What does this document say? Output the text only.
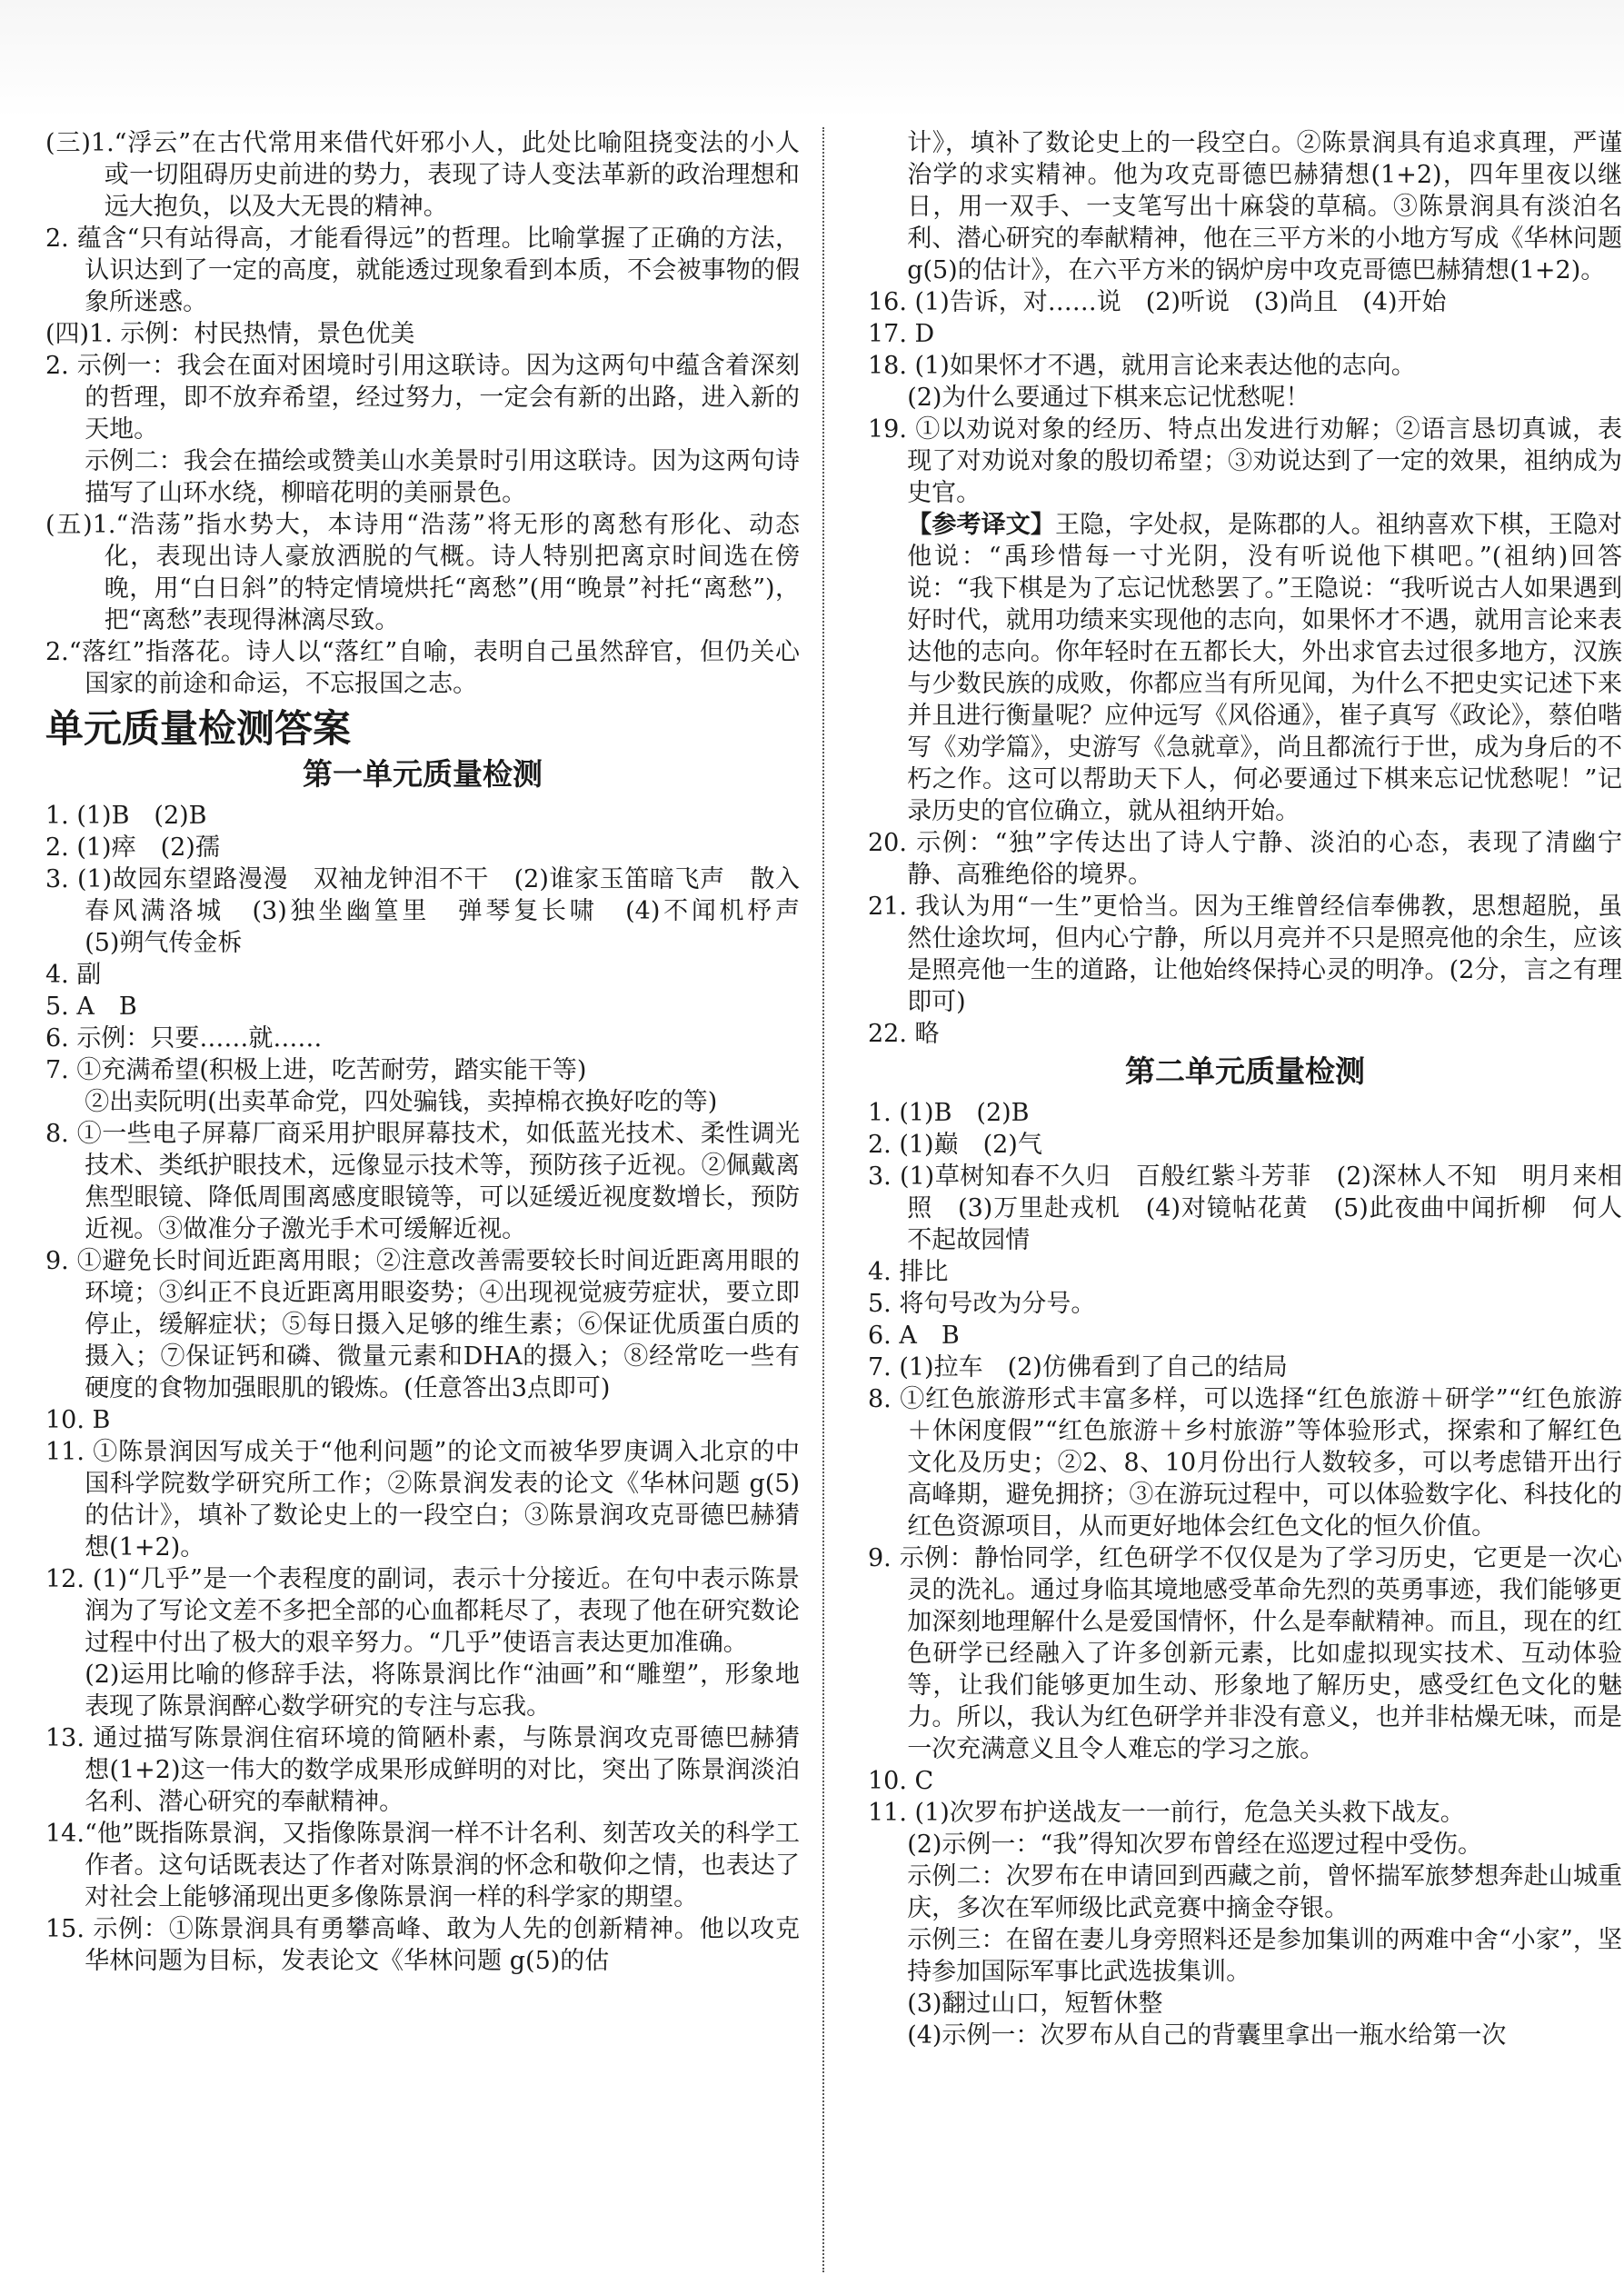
(三)1.“浮云”在古代常用来借代奸邪小人，此处比喻阻挠变法的小人或一切阻碍历史前进的势力，表现了诗人变法革新的政治理想和远大抱负，以及大无畏的精神。

2. 蕴含“只有站得高，才能看得远”的哲理。比喻掌握了正确的方法，认识达到了一定的高度，就能透过现象看到本质，不会被事物的假象所迷惑。

(四)1. 示例：村民热情，景色优美

2. 示例一：我会在面对困境时引用这联诗。因为这两句中蕴含着深刻的哲理，即不放弃希望，经过努力，一定会有新的出路，进入新的天地。

示例二：我会在描绘或赞美山水美景时引用这联诗。因为这两句诗描写了山环水绕，柳暗花明的美丽景色。

(五)1.“浩荡”指水势大，本诗用“浩荡”将无形的离愁有形化、动态化，表现出诗人豪放洒脱的气概。诗人特别把离京时间选在傍晚，用“白日斜”的特定情境烘托“离愁”(用“晚景”衬托“离愁”)，把“离愁”表现得淋漓尽致。

2.“落红”指落花。诗人以“落红”自喻，表明自己虽然辞官，但仍关心国家的前途和命运，不忘报国之志。

单元质量检测答案
第一单元质量检测

1. (1)B　(2)B

2. (1)瘁　(2)孺

3. (1)故园东望路漫漫　双袖龙钟泪不干　(2)谁家玉笛暗飞声　散入春风满洛城　(3)独坐幽篁里　弹琴复长啸　(4)不闻机杼声　　(5)朔气传金柝

4. 副

5. A　B

6. 示例：只要……就……

7. ①充满希望(积极上进，吃苦耐劳，踏实能干等)

②出卖阮明(出卖革命党，四处骗钱，卖掉棉衣换好吃的等)

8. ①一些电子屏幕厂商采用护眼屏幕技术，如低蓝光技术、柔性调光技术、类纸护眼技术，远像显示技术等，预防孩子近视。②佩戴离焦型眼镜、降低周围离感度眼镜等，可以延缓近视度数增长，预防近视。③做准分子激光手术可缓解近视。

9. ①避免长时间近距离用眼；②注意改善需要较长时间近距离用眼的环境；③纠正不良近距离用眼姿势；④出现视觉疲劳症状，要立即停止，缓解症状；⑤每日摄入足够的维生素；⑥保证优质蛋白质的摄入；⑦保证钙和磷、微量元素和DHA的摄入；⑧经常吃一些有硬度的食物加强眼肌的锻炼。(任意答出3点即可)

10. B

11. ①陈景润因写成关于“他利问题”的论文而被华罗庚调入北京的中国科学院数学研究所工作；②陈景润发表的论文《华林问题 g(5)的估计》，填补了数论史上的一段空白；③陈景润攻克哥德巴赫猜想(1+2)。

12. (1)“几乎”是一个表程度的副词，表示十分接近。在句中表示陈景润为了写论文差不多把全部的心血都耗尽了，表现了他在研究数论过程中付出了极大的艰辛努力。“几乎”使语言表达更加准确。

(2)运用比喻的修辞手法，将陈景润比作“油画”和“雕塑”，形象地表现了陈景润醉心数学研究的专注与忘我。

13. 通过描写陈景润住宿环境的简陋朴素，与陈景润攻克哥德巴赫猜想(1+2)这一伟大的数学成果形成鲜明的对比，突出了陈景润淡泊名利、潜心研究的奉献精神。

14.“他”既指陈景润，又指像陈景润一样不计名利、刻苦攻关的科学工作者。这句话既表达了作者对陈景润的怀念和敬仰之情，也表达了对社会上能够涌现出更多像陈景润一样的科学家的期望。

15. 示例：①陈景润具有勇攀高峰、敢为人先的创新精神。他以攻克华林问题为目标，发表论文《华林问题 g(5)的估

计》，填补了数论史上的一段空白。②陈景润具有追求真理，严谨治学的求实精神。他为攻克哥德巴赫猜想(1+2)，四年里夜以继日，用一双手、一支笔写出十麻袋的草稿。③陈景润具有淡泊名利、潜心研究的奉献精神，他在三平方米的小地方写成《华林问题 g(5)的估计》，在六平方米的锅炉房中攻克哥德巴赫猜想(1+2)。

16. (1)告诉，对……说　(2)听说　(3)尚且　(4)开始

17. D

18. (1)如果怀才不遇，就用言论来表达他的志向。

(2)为什么要通过下棋来忘记忧愁呢！

19. ①以劝说对象的经历、特点出发进行劝解；②语言恳切真诚，表现了对劝说对象的殷切希望；③劝说达到了一定的效果，祖纳成为史官。

【参考译文】王隐，字处叔，是陈郡的人。祖纳喜欢下棋，王隐对他说：“禹珍惜每一寸光阴，没有听说他下棋吧。”(祖纳)回答说：“我下棋是为了忘记忧愁罢了。”王隐说：“我听说古人如果遇到好时代，就用功绩来实现他的志向，如果怀才不遇，就用言论来表达他的志向。你年轻时在五都长大，外出求官去过很多地方，汉族与少数民族的成败，你都应当有所见闻，为什么不把史实记述下来并且进行衡量呢？应仲远写《风俗通》，崔子真写《政论》，蔡伯喈写《劝学篇》，史游写《急就章》，尚且都流行于世，成为身后的不朽之作。这可以帮助天下人，何必要通过下棋来忘记忧愁呢！”记录历史的官位确立，就从祖纳开始。

20. 示例：“独”字传达出了诗人宁静、淡泊的心态，表现了清幽宁静、高雅绝俗的境界。

21. 我认为用“一生”更恰当。因为王维曾经信奉佛教，思想超脱，虽然仕途坎坷，但内心宁静，所以月亮并不只是照亮他的余生，应该是照亮他一生的道路，让他始终保持心灵的明净。(2分，言之有理即可)

22. 略

第二单元质量检测

1. (1)B　(2)B

2. (1)巅　(2)气

3. (1)草树知春不久归　百般红紫斗芳菲　(2)深林人不知　明月来相照　(3)万里赴戎机　(4)对镜帖花黄　(5)此夜曲中闻折柳　何人不起故园情

4. 排比

5. 将句号改为分号。

6. A　B

7. (1)拉车　(2)仿佛看到了自己的结局

8. ①红色旅游形式丰富多样，可以选择“红色旅游＋研学”“红色旅游＋休闲度假”“红色旅游＋乡村旅游”等体验形式，探索和了解红色文化及历史；②2、8、10月份出行人数较多，可以考虑错开出行高峰期，避免拥挤；③在游玩过程中，可以体验数字化、科技化的红色资源项目，从而更好地体会红色文化的恒久价值。

9. 示例：静怡同学，红色研学不仅仅是为了学习历史，它更是一次心灵的洗礼。通过身临其境地感受革命先烈的英勇事迹，我们能够更加深刻地理解什么是爱国情怀，什么是奉献精神。而且，现在的红色研学已经融入了许多创新元素，比如虚拟现实技术、互动体验等，让我们能够更加生动、形象地了解历史，感受红色文化的魅力。所以，我认为红色研学并非没有意义，也并非枯燥无味，而是一次充满意义且令人难忘的学习之旅。

10. C

11. (1)次罗布护送战友一一前行，危急关头救下战友。

(2)示例一：“我”得知次罗布曾经在巡逻过程中受伤。

示例二：次罗布在申请回到西藏之前，曾怀揣军旅梦想奔赴山城重庆，多次在军师级比武竞赛中摘金夺银。

示例三：在留在妻儿身旁照料还是参加集训的两难中舍“小家”，坚持参加国际军事比武选拔集训。

(3)翻过山口，短暂休整

(4)示例一：次罗布从自己的背囊里拿出一瓶水给第一次
